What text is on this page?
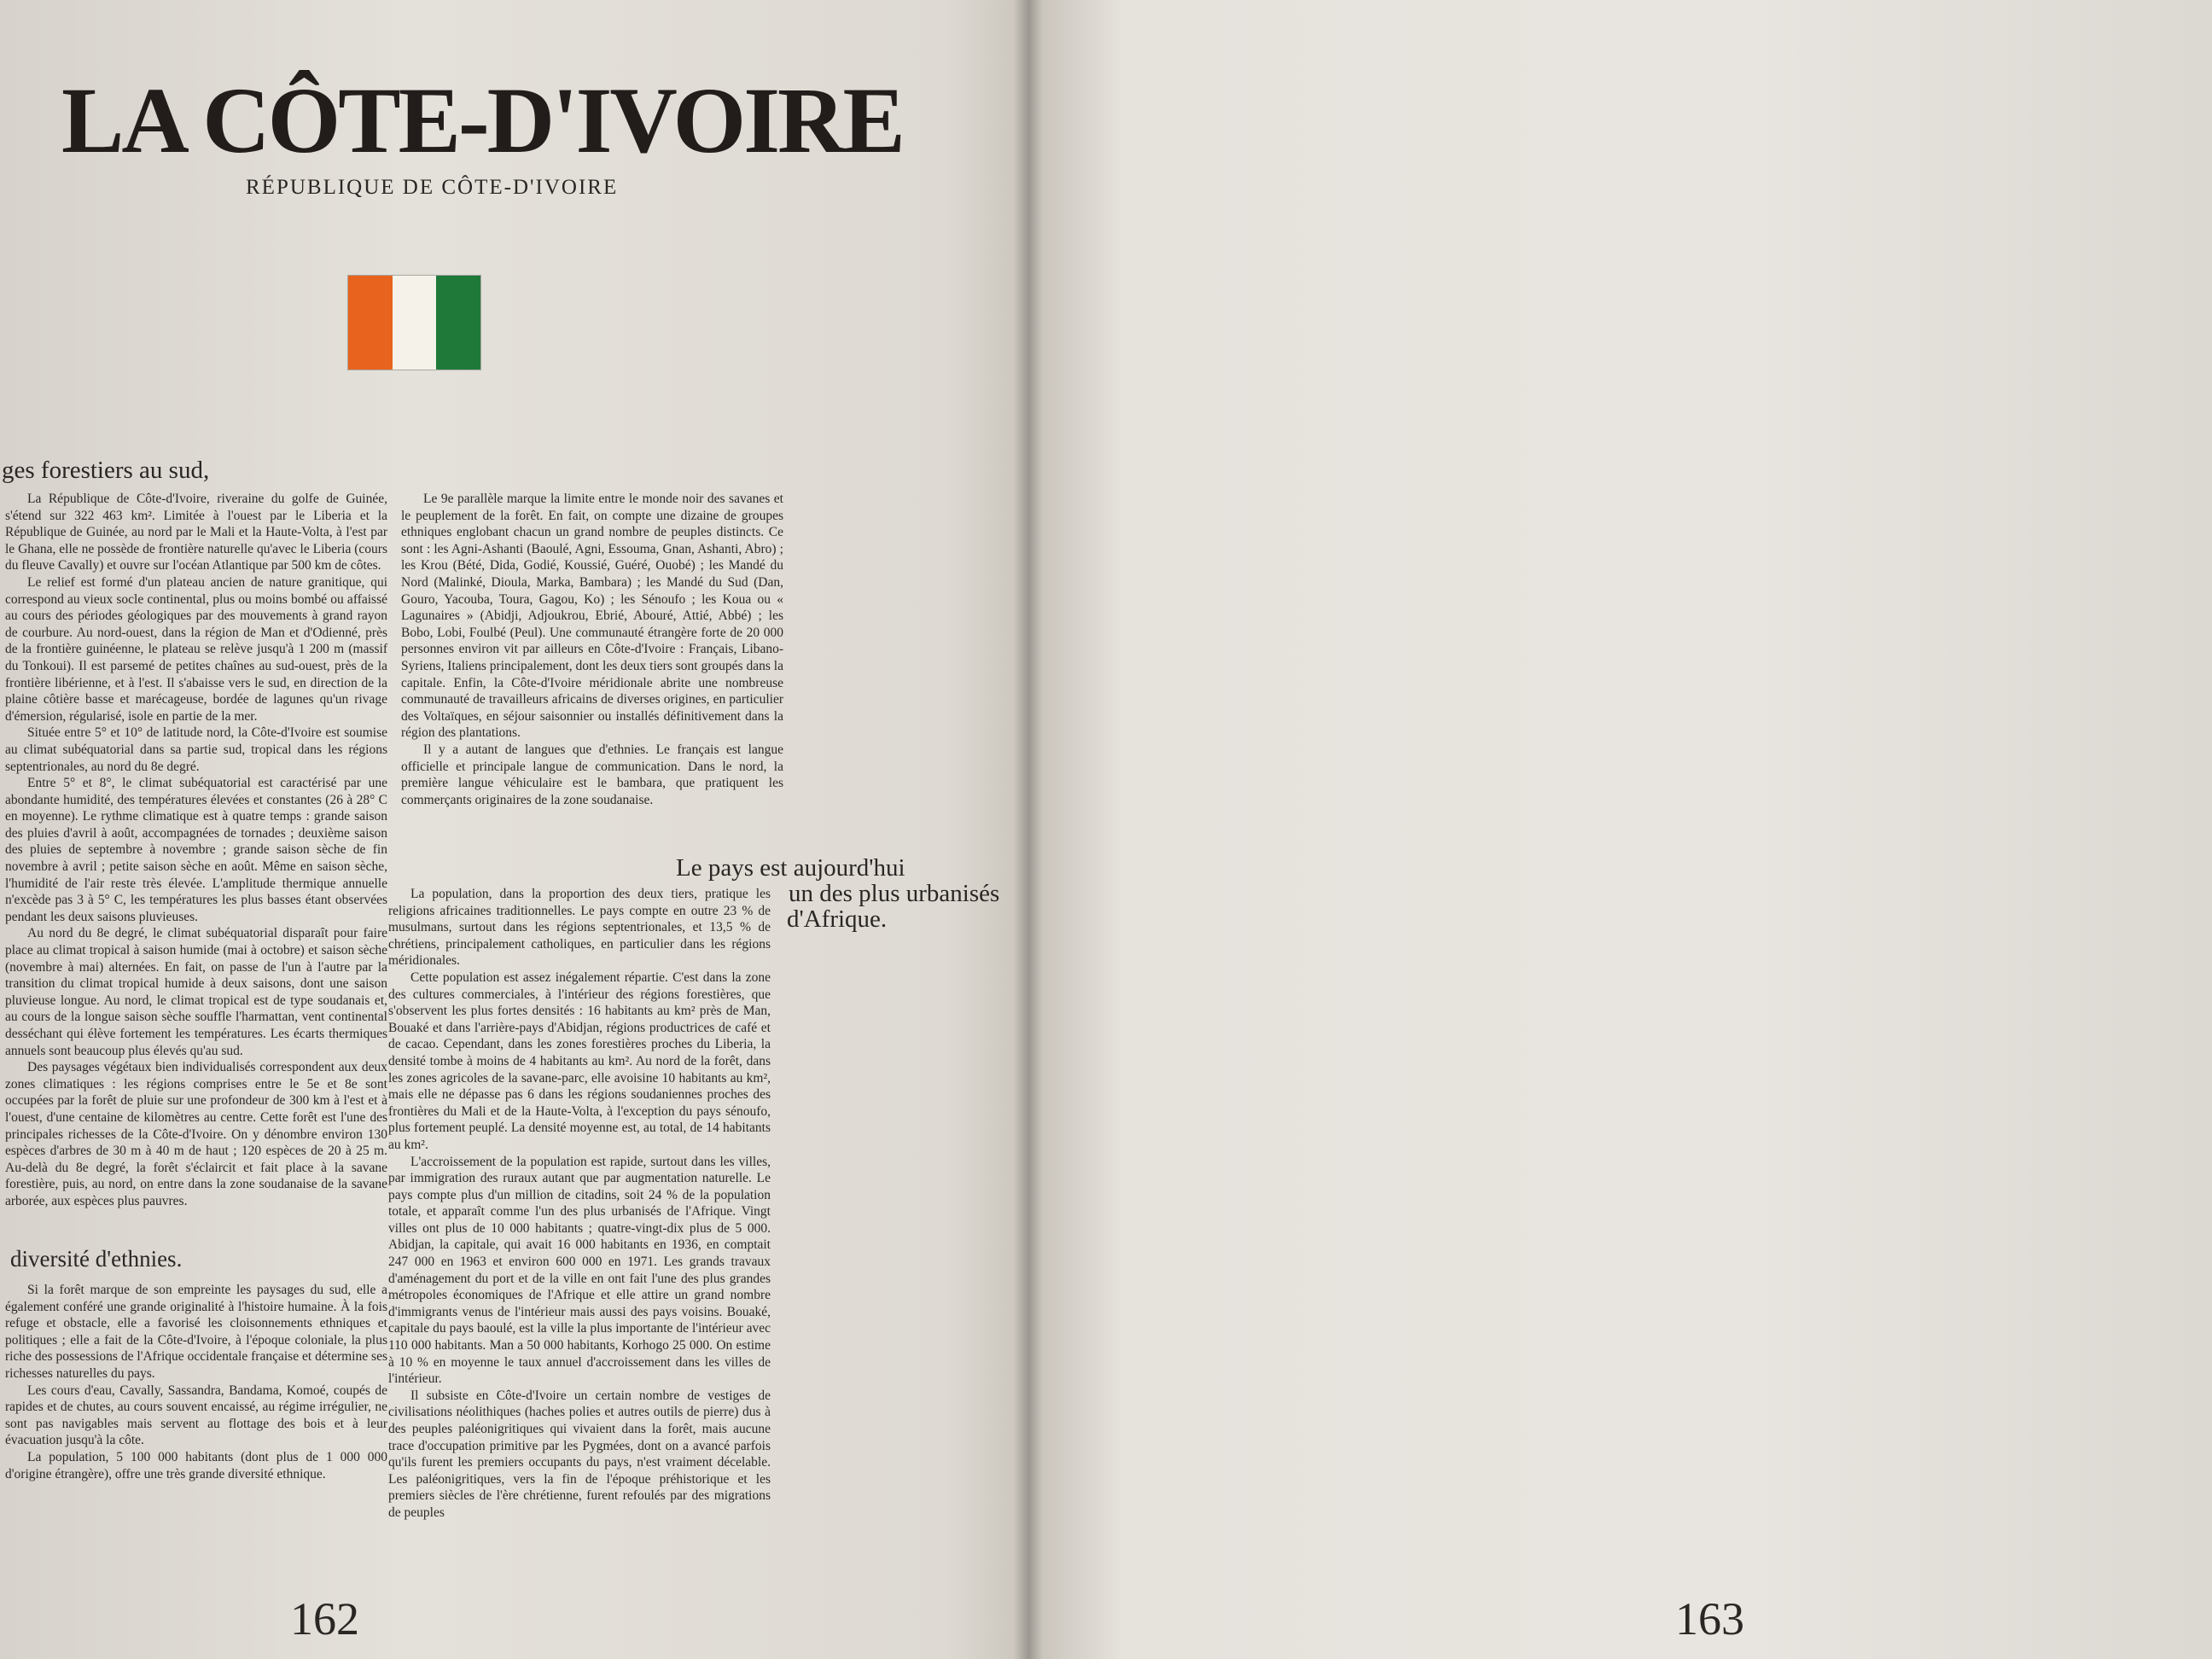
LA CÔTE-D'IVOIRE
RÉPUBLIQUE DE CÔTE-D'IVOIRE
ges forestiers au sud,

La République de Côte-d'Ivoire, riveraine du golfe de Guinée, s'étend sur 322 463 km². Limitée à l'ouest par le Liberia et la République de Guinée, au nord par le Mali et la Haute-Volta, à l'est par le Ghana, elle ne possède de frontière naturelle qu'avec le Liberia (cours du fleuve Cavally) et ouvre sur l'océan Atlantique par 500 km de côtes.

Le relief est formé d'un plateau ancien de nature granitique, qui correspond au vieux socle continental, plus ou moins bombé ou affaissé au cours des périodes géologiques par des mouvements à grand rayon de courbure. Au nord-ouest, dans la région de Man et d'Odienné, près de la frontière guinéenne, le plateau se relève jusqu'à 1 200 m (massif du Tonkoui). Il est parsemé de petites chaînes au sud-ouest, près de la frontière libérienne, et à l'est. Il s'abaisse vers le sud, en direction de la plaine côtière basse et marécageuse, bordée de lagunes qu'un rivage d'émersion, régularisé, isole en partie de la mer.

Située entre 5° et 10° de latitude nord, la Côte-d'Ivoire est soumise au climat subéquatorial dans sa partie sud, tropical dans les régions septentrionales, au nord du 8e degré.

Entre 5° et 8°, le climat subéquatorial est caractérisé par une abondante humidité, des températures élevées et constantes (26 à 28° C en moyenne). Le rythme climatique est à quatre temps : grande saison des pluies d'avril à août, accompagnées de tornades ; deuxième saison des pluies de septembre à novembre ; grande saison sèche de fin novembre à avril ; petite saison sèche en août. Même en saison sèche, l'humidité de l'air reste très élevée. L'amplitude thermique annuelle n'excède pas 3 à 5° C, les températures les plus basses étant observées pendant les deux saisons pluvieuses.

Au nord du 8e degré, le climat subéquatorial disparaît pour faire place au climat tropical à saison humide (mai à octobre) et saison sèche (novembre à mai) alternées. En fait, on passe de l'un à l'autre par la transition du climat tropical humide à deux saisons, dont une saison pluvieuse longue. Au nord, le climat tropical est de type soudanais et, au cours de la longue saison sèche souffle l'harmattan, vent continental desséchant qui élève fortement les températures. Les écarts thermiques annuels sont beaucoup plus élevés qu'au sud.

Des paysages végétaux bien individualisés correspondent aux deux zones climatiques : les régions comprises entre le 5e et 8e sont occupées par la forêt de pluie sur une profondeur de 300 km à l'est et à l'ouest, d'une centaine de kilomètres au centre. Cette forêt est l'une des principales richesses de la Côte-d'Ivoire. On y dénombre environ 130 espèces d'arbres de 30 m à 40 m de haut ; 120 espèces de 20 à 25 m. Au-delà du 8e degré, la forêt s'éclaircit et fait place à la savane forestière, puis, au nord, on entre dans la zone soudanaise de la savane arborée, aux espèces plus pauvres.

diversité d'ethnies.

Si la forêt marque de son empreinte les paysages du sud, elle a également conféré une grande originalité à l'histoire humaine. À la fois refuge et obstacle, elle a favorisé les cloisonnements ethniques et politiques ; elle a fait de la Côte-d'Ivoire, à l'époque coloniale, la plus riche des possessions de l'Afrique occidentale française et détermine ses richesses naturelles du pays.

Les cours d'eau, Cavally, Sassandra, Bandama, Komoé, coupés de rapides et de chutes, au cours souvent encaissé, au régime irrégulier, ne sont pas navigables mais servent au flottage des bois et à leur évacuation jusqu'à la côte.

La population, 5 100 000 habitants (dont plus de 1 000 000 d'origine étrangère), offre une très grande diversité ethnique.

Le 9e parallèle marque la limite entre le monde noir des savanes et le peuplement de la forêt. En fait, on compte une dizaine de groupes ethniques englobant chacun un grand nombre de peuples distincts. Ce sont : les Agni-Ashanti (Baoulé, Agni, Essouma, Gnan, Ashanti, Abro) ; les Krou (Bété, Dida, Godié, Koussié, Guéré, Ouobé) ; les Mandé du Nord (Malinké, Dioula, Marka, Bambara) ; les Mandé du Sud (Dan, Gouro, Yacouba, Toura, Gagou, Ko) ; les Sénoufo ; les Koua ou « Lagunaires » (Abidji, Adjoukrou, Ebrié, Abouré, Attié, Abbé) ; les Bobo, Lobi, Foulbé (Peul). Une communauté étrangère forte de 20 000 personnes environ vit par ailleurs en Côte-d'Ivoire : Français, Libano-Syriens, Italiens principalement, dont les deux tiers sont groupés dans la capitale. Enfin, la Côte-d'Ivoire méridionale abrite une nombreuse communauté de travailleurs africains de diverses origines, en particulier des Voltaïques, en séjour saisonnier ou installés définitivement dans la région des plantations.

Il y a autant de langues que d'ethnies. Le français est langue officielle et principale langue de communication. Dans le nord, la première langue véhiculaire est le bambara, que pratiquent les commerçants originaires de la zone soudanaise.

Le pays est aujourd'hui
un des plus urbanisés
d'Afrique.

La population, dans la proportion des deux tiers, pratique les religions africaines traditionnelles. Le pays compte en outre 23 % de musulmans, surtout dans les régions septentrionales, et 13,5 % de chrétiens, principalement catholiques, en particulier dans les régions méridionales.

Cette population est assez inégalement répartie. C'est dans la zone des cultures commerciales, à l'intérieur des régions forestières, que s'observent les plus fortes densités : 16 habitants au km² près de Man, Bouaké et dans l'arrière-pays d'Abidjan, régions productrices de café et de cacao. Cependant, dans les zones forestières proches du Liberia, la densité tombe à moins de 4 habitants au km². Au nord de la forêt, dans les zones agricoles de la savane-parc, elle avoisine 10 habitants au km², mais elle ne dépasse pas 6 dans les régions soudaniennes proches des frontières du Mali et de la Haute-Volta, à l'exception du pays sénoufo, plus fortement peuplé. La densité moyenne est, au total, de 14 habitants au km².

L'accroissement de la population est rapide, surtout dans les villes, par immigration des ruraux autant que par augmentation naturelle. Le pays compte plus d'un million de citadins, soit 24 % de la population totale, et apparaît comme l'un des plus urbanisés de l'Afrique. Vingt villes ont plus de 10 000 habitants ; quatre-vingt-dix plus de 5 000. Abidjan, la capitale, qui avait 16 000 habitants en 1936, en comptait 247 000 en 1963 et environ 600 000 en 1971. Les grands travaux d'aménagement du port et de la ville en ont fait l'une des plus grandes métropoles économiques de l'Afrique et elle attire un grand nombre d'immigrants venus de l'intérieur mais aussi des pays voisins. Bouaké, capitale du pays baoulé, est la ville la plus importante de l'intérieur avec 110 000 habitants. Man a 50 000 habitants, Korhogo 25 000. On estime à 10 % en moyenne le taux annuel d'accroissement dans les villes de l'intérieur.

Il subsiste en Côte-d'Ivoire un certain nombre de vestiges de civilisations néolithiques (haches polies et autres outils de pierre) dus à des peuples paléonigritiques qui vivaient dans la forêt, mais aucune trace d'occupation primitive par les Pygmées, dont on a avancé parfois qu'ils furent les premiers occupants du pays, n'est vraiment décelable. Les paléonigritiques, vers la fin de l'époque préhistorique et les premiers siècles de l'ère chrétienne, furent refoulés par des migrations de peuples

162	163
